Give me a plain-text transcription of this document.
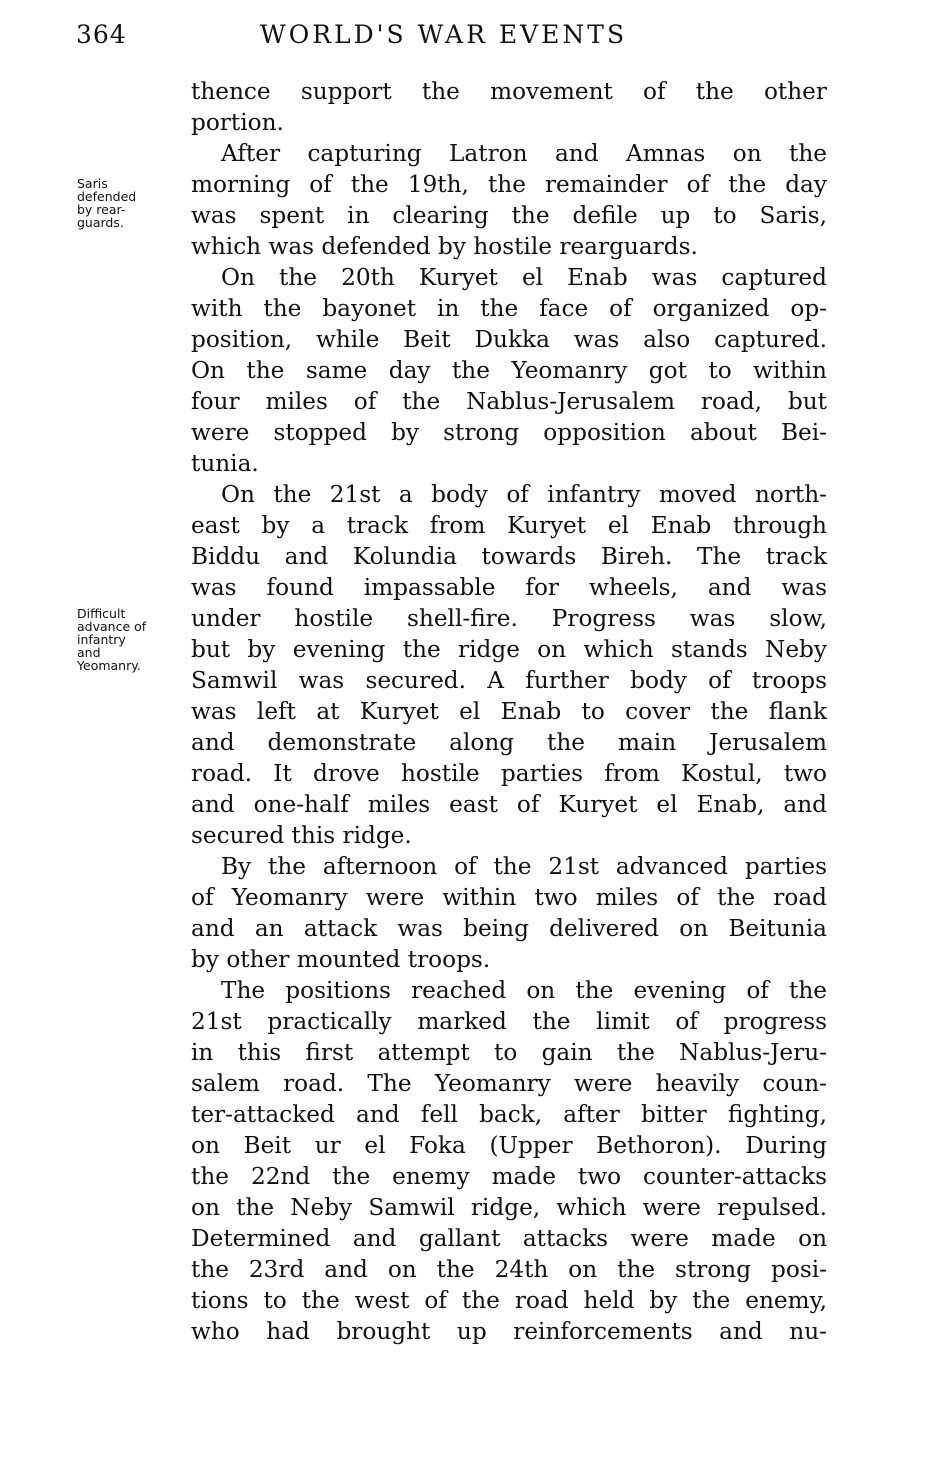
364	WORLD'S WAR EVENTS
Saris
defended
by rear-
guards.
Difficult
advance of
infantry
and
Yeomanry.
thence support the movement of the other
portion.
After capturing Latron and Amnas on the
morning of the 19th, the remainder of the day
was spent in clearing the defile up to Saris,
which was defended by hostile rearguards.
On the 20th Kuryet el Enab was captured
with the bayonet in the face of organized op-
position, while Beit Dukka was also captured.
On the same day the Yeomanry got to within
four miles of the Nablus-Jerusalem road, but
were stopped by strong opposition about Bei-
tunia.
On the 21st a body of infantry moved north-
east by a track from Kuryet el Enab through
Biddu and Kolundia towards Bireh. The track
was found impassable for wheels, and was
under hostile shell-fire. Progress was slow,
but by evening the ridge on which stands Neby
Samwil was secured. A further body of troops
was left at Kuryet el Enab to cover the flank
and demonstrate along the main Jerusalem
road. It drove hostile parties from Kostul, two
and one-half miles east of Kuryet el Enab, and
secured this ridge.
By the afternoon of the 21st advanced parties
of Yeomanry were within two miles of the road
and an attack was being delivered on Beitunia
by other mounted troops.
The positions reached on the evening of the
21st practically marked the limit of progress
in this first attempt to gain the Nablus-Jeru-
salem road. The Yeomanry were heavily coun-
ter-attacked and fell back, after bitter fighting,
on Beit ur el Foka (Upper Bethoron). During
the 22nd the enemy made two counter-attacks
on the Neby Samwil ridge, which were repulsed.
Determined and gallant attacks were made on
the 23rd and on the 24th on the strong posi-
tions to the west of the road held by the enemy,
who had brought up reinforcements and nu-
